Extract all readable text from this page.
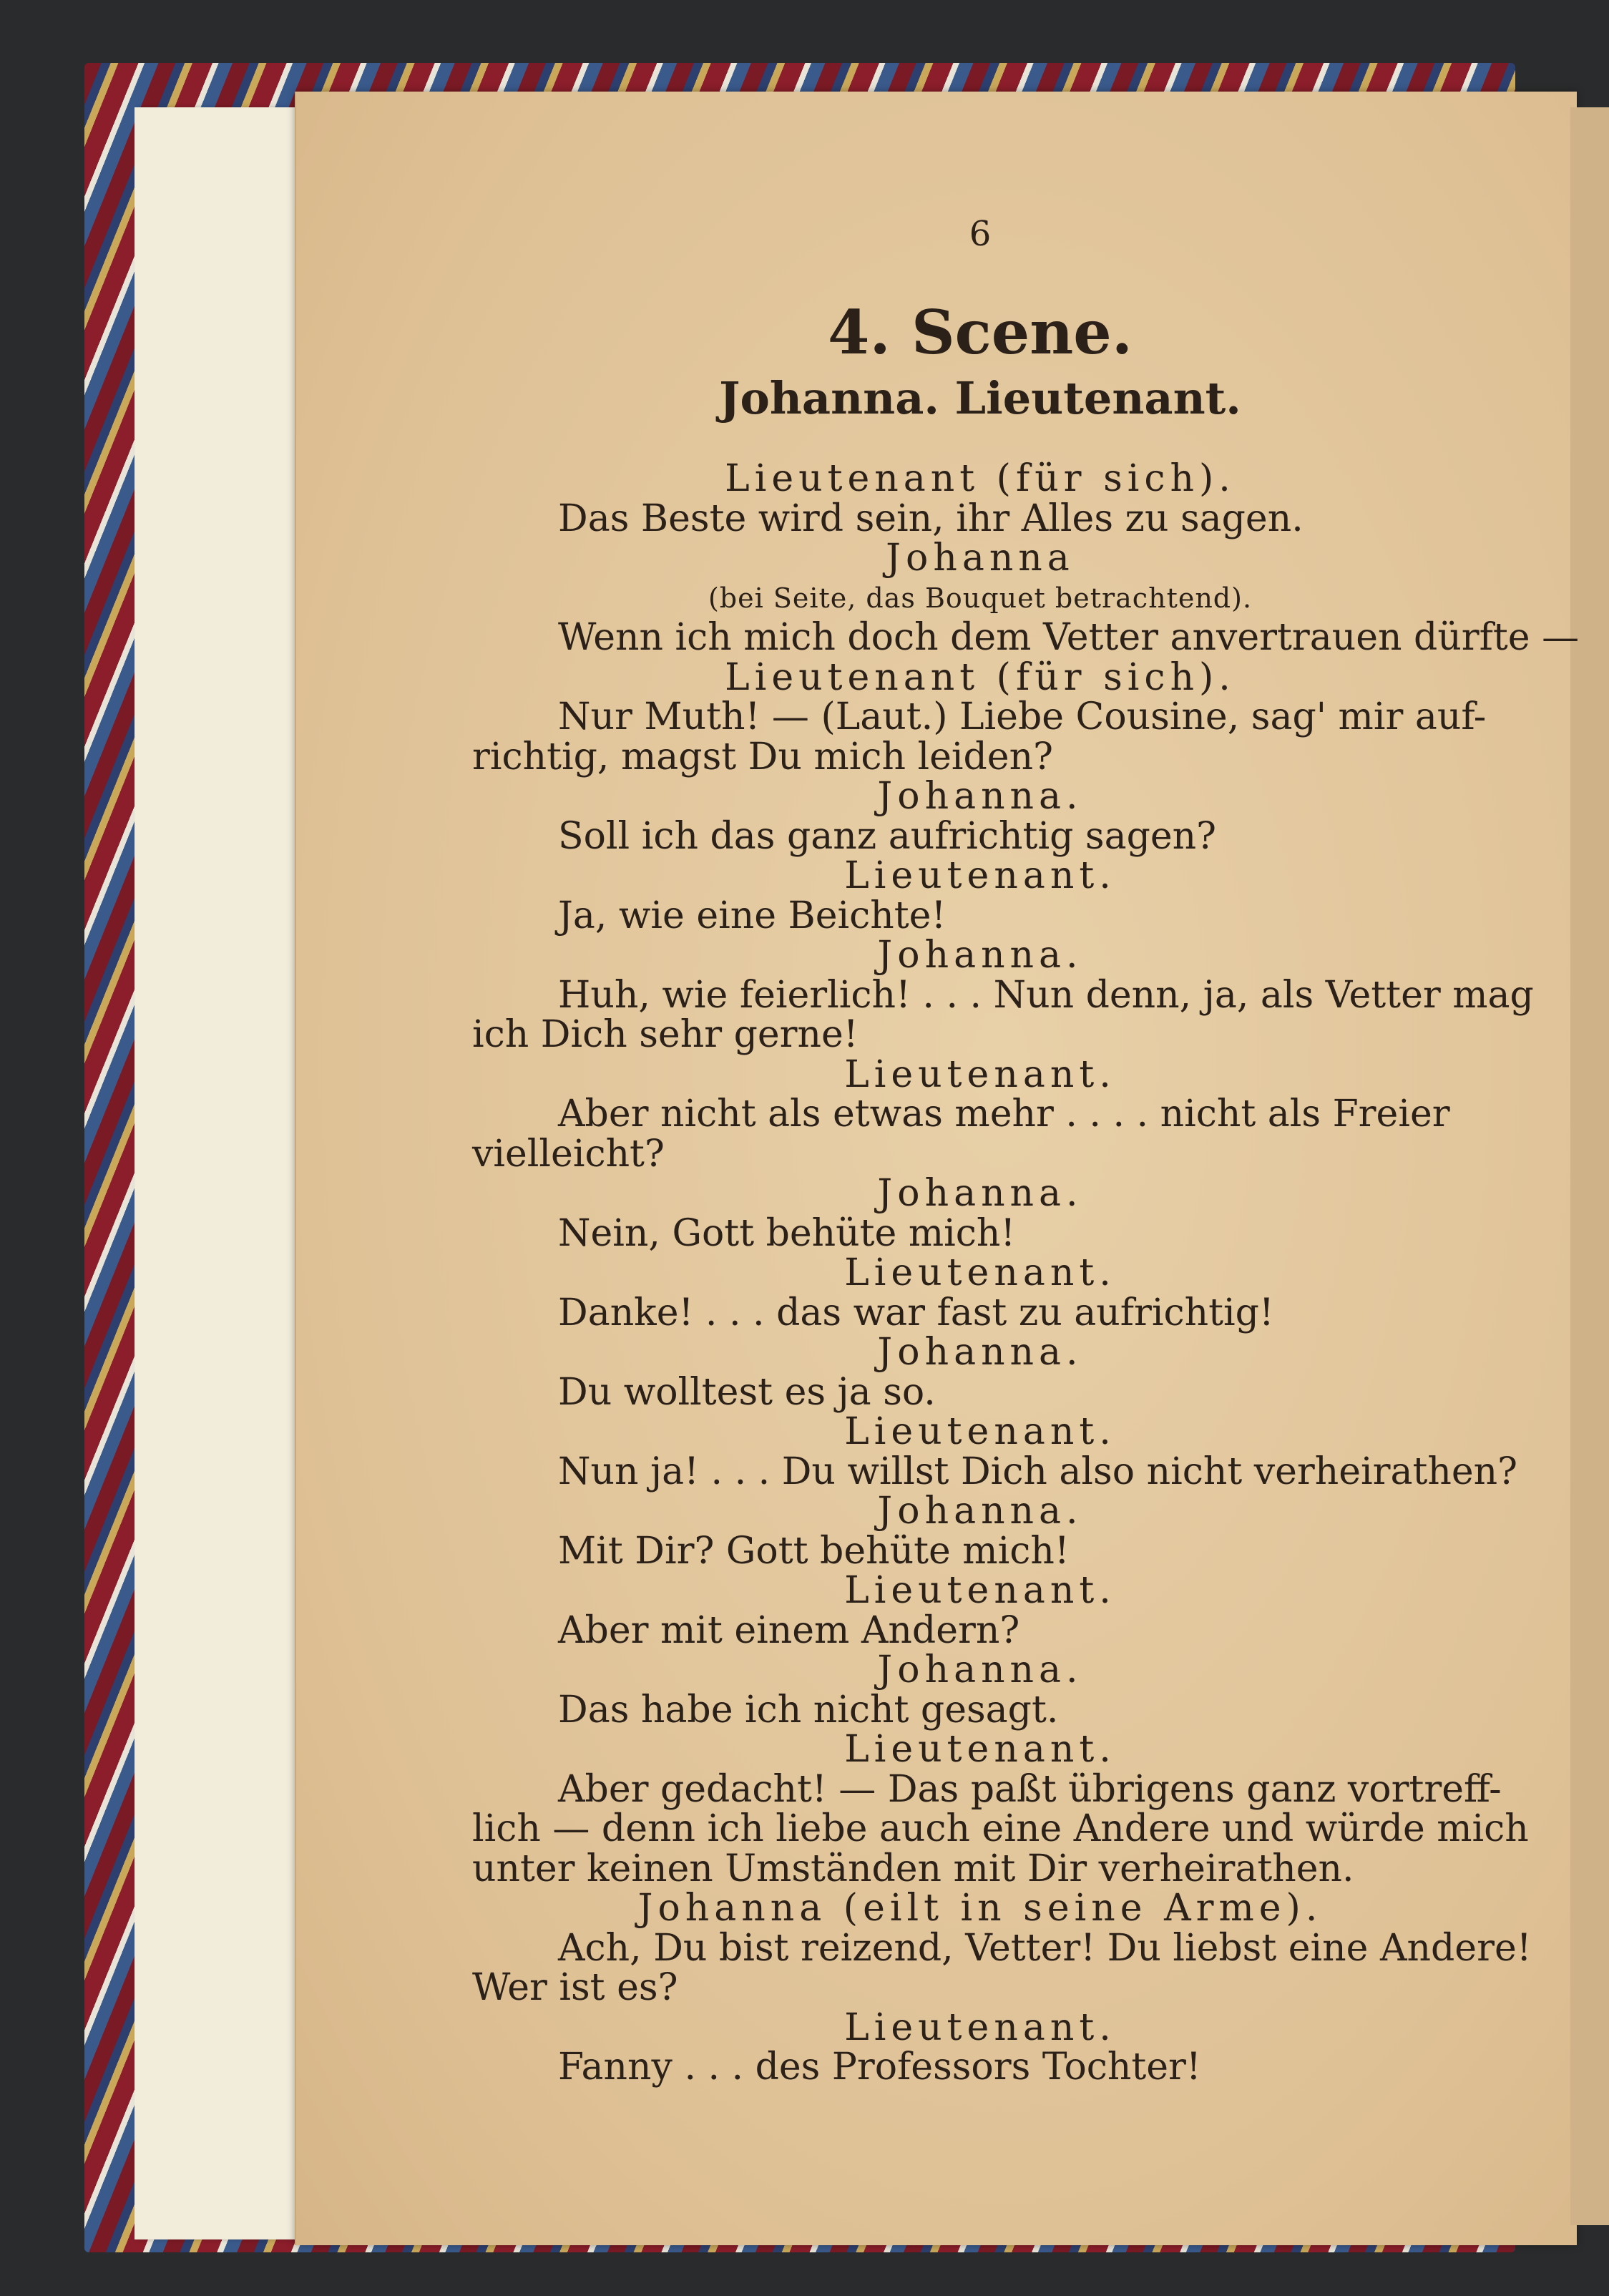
6
4. Scene.
Johanna. Lieutenant.
Lieutenant (für sich).
Das Beste wird sein, ihr Alles zu sagen.
Johanna
(bei Seite, das Bouquet betrachtend).
Wenn ich mich doch dem Vetter anvertrauen dürfte —
Lieutenant (für sich).
Nur Muth! — (Laut.) Liebe Cousine, sag' mir auf-
richtig, magst Du mich leiden?
Johanna.
Soll ich das ganz aufrichtig sagen?
Lieutenant.
Ja, wie eine Beichte!
Johanna.
Huh, wie feierlich! . . . Nun denn, ja, als Vetter mag
ich Dich sehr gerne!
Lieutenant.
Aber nicht als etwas mehr . . . . nicht als Freier
vielleicht?
Johanna.
Nein, Gott behüte mich!
Lieutenant.
Danke! . . . das war fast zu aufrichtig!
Johanna.
Du wolltest es ja so.
Lieutenant.
Nun ja! . . . Du willst Dich also nicht verheirathen?
Johanna.
Mit Dir? Gott behüte mich!
Lieutenant.
Aber mit einem Andern?
Johanna.
Das habe ich nicht gesagt.
Lieutenant.
Aber gedacht! — Das paßt übrigens ganz vortreff-
lich — denn ich liebe auch eine Andere und würde mich
unter keinen Umständen mit Dir verheirathen.
Johanna (eilt in seine Arme).
Ach, Du bist reizend, Vetter! Du liebst eine Andere!
Wer ist es?
Lieutenant.
Fanny . . . des Professors Tochter!
